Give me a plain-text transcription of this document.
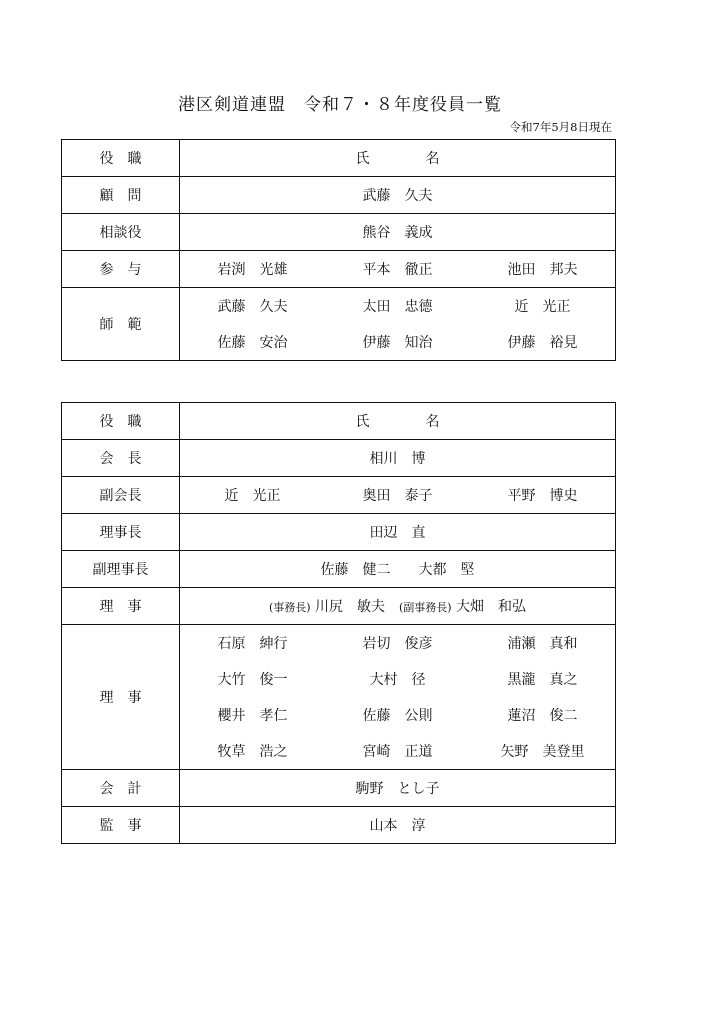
港区剣道連盟　令和７・８年度役員一覧
令和7年5月8日現在
役　職	氏　　　　名
顧　問	武藤　久夫
相談役	熊谷　義成
参　与	岩渕　光雄 平本　徹正 池田　邦夫

師　範	武藤　久夫 太田　忠德 近　光正

	佐藤　安治 伊藤　知治 伊藤　裕見
役　職	氏　　　　名
会　長	相川　博
副会長	近　光正 奥田　泰子 平野　博史

理事長	田辺　直
副理事長	佐藤　健二 大都　堅

理　事	(事務長) 川尻　敏夫 (副事務長) 大畑　和弘

理　事	石原　紳行 岩切　俊彦 浦瀬　真和

	大竹　俊一 大村　径 黒瀧　真之

	櫻井　孝仁 佐藤　公則 蓮沼　俊二

	牧草　浩之 宮崎　正道 矢野　美登里

会　計	駒野　とし子
監　事	山本　淳
